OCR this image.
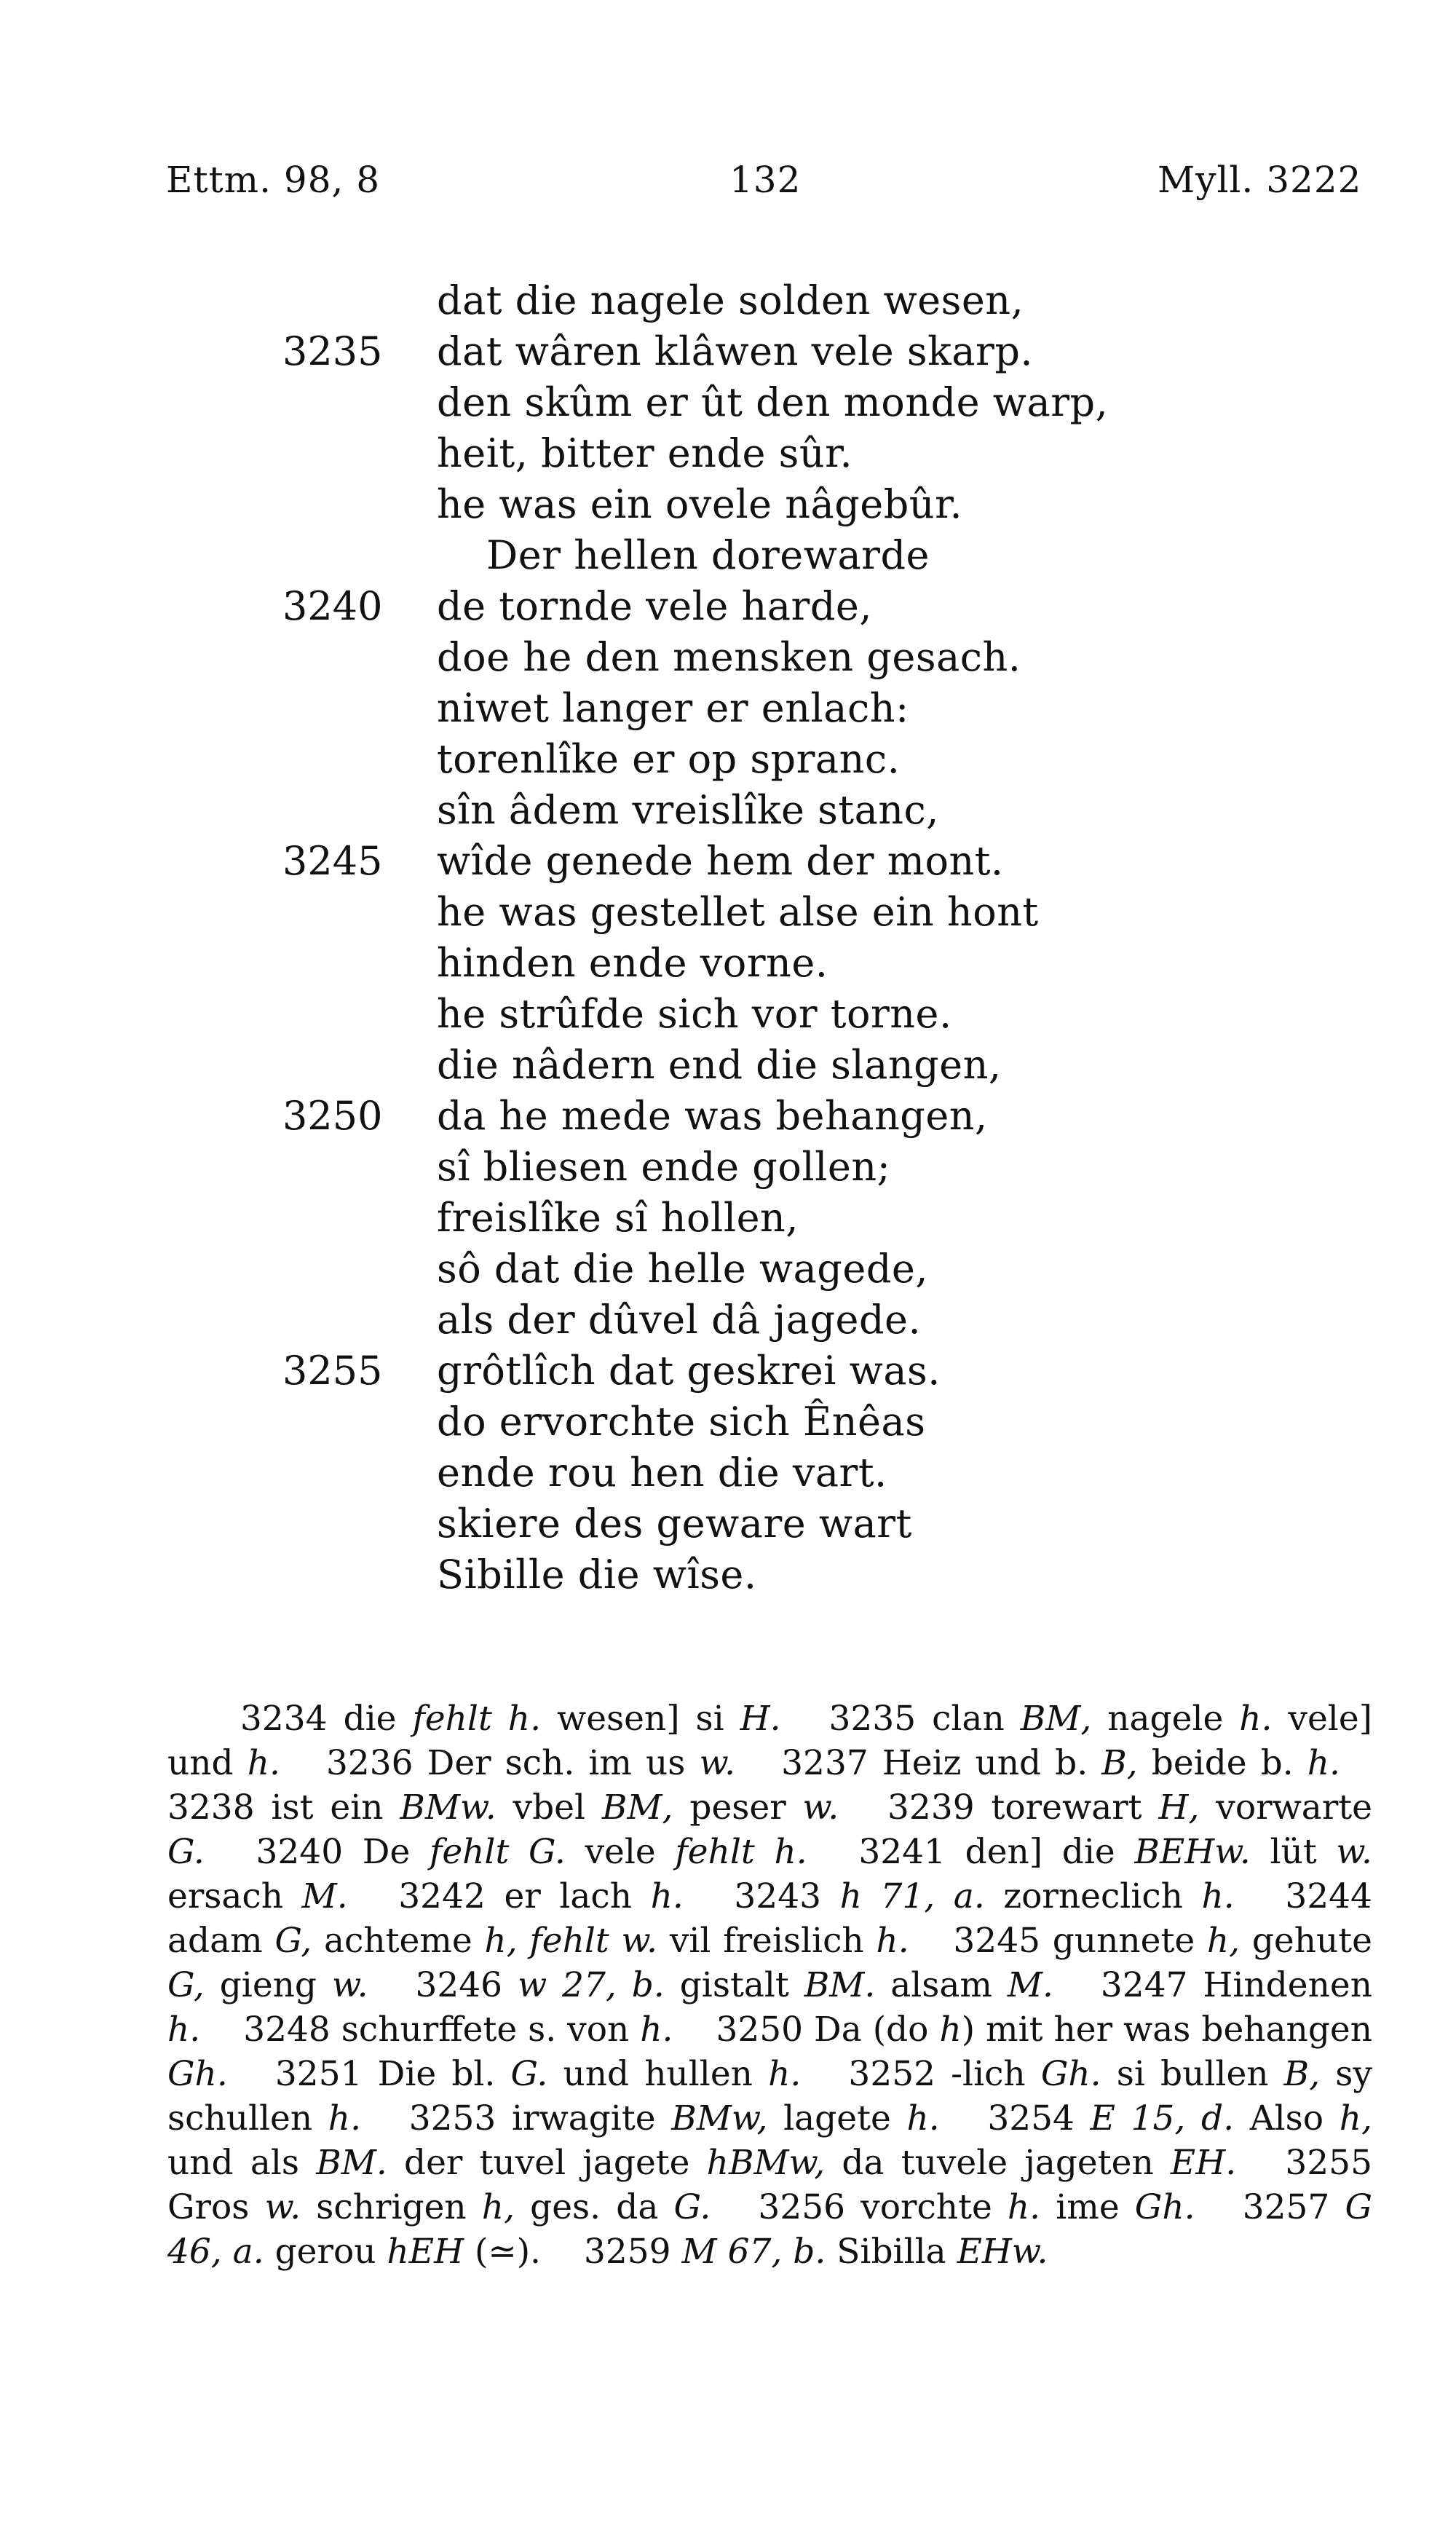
Ettm. 98, 8	132	Myll. 3222
dat die nagele solden wesen,
3235 dat wâren klâwen vele skarp.
den skûm er ût den monde warp,
heit, bitter ende sûr.
he was ein ovele nâgebûr.
Der hellen dorewarde
3240 de tornde vele harde,
doe he den mensken gesach.
niwet langer er enlach:
torenlîke er op spranc.
sîn âdem vreislîke stanc,
3245 wîde genede hem der mont.
he was gestellet alse ein hont
hinden ende vorne.
he strûfde sich vor torne.
die nâdern end die slangen,
3250 da he mede was behangen,
sî bliesen ende gollen;
freislîke sî hollen,
sô dat die helle wagede,
als der dûvel dâ jagede.
3255 grôtlîch dat geskrei was.
do ervorchte sich Ênêas
ende rou hen die vart.
skiere des geware wart
Sibille die wîse.

3234 die fehlt h. wesen] si H. 3235 clan BM, nagele h. vele] und h. 3236 Der sch. im us w. 3237 Heiz und b. B, beide b. h. 3238 ist ein BMw. vbel BM, peser w. 3239 torewart H, vorwarte G. 3240 De fehlt G. vele fehlt h. 3241 den] die BEHw. lüt w. ersach M. 3242 er lach h. 3243 h 71, a. zorneclich h. 3244 adam G, achteme h, fehlt w. vil freislich h. 3245 gunnete h, gehute G, gieng w. 3246 w 27, b. gistalt BM. alsam M. 3247 Hindenen h. 3248 schurffete s. von h. 3250 Da (do h) mit her was behangen Gh. 3251 Die bl. G. und hullen h. 3252 -lich Gh. si bullen B, sy schullen h. 3253 irwagite BMw, lagete h. 3254 E 15, d. Also h, und als BM. der tuvel jagete hBMw, da tuvele jageten EH. 3255 Gros w. schrigen h, ges. da G. 3256 vorchte h. ime Gh. 3257 G 46, a. gerou hEH (≃). 3259 M 67, b. Sibilla EHw.
